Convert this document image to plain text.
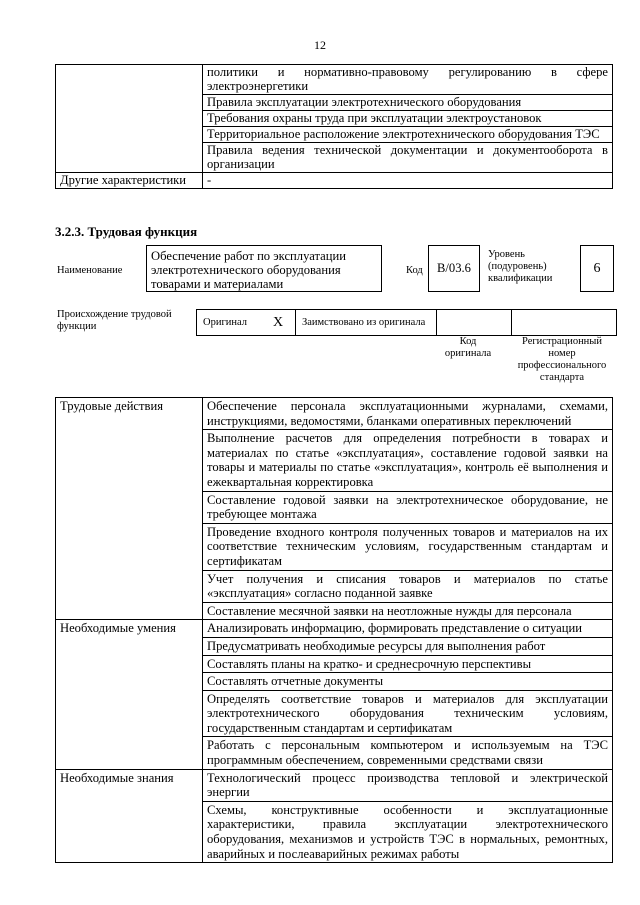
12
	политики и нормативно-правовому регулированию в сфере электроэнергетики
	Правила эксплуатации электротехнического оборудования
	Требования охраны труда при эксплуатации электроустановок
	Территориальное расположение электротехнического оборудования ТЭС
	Правила ведения технической документации и документооборота в организации
Другие характеристики	-
3.2.3. Трудовая функция
Наименование
Обеспечение работ по эксплуатации электротехнического оборудования товарами и материалами
Код B/03.6
Уровень (подуровень) квалификации
6
Происхождение трудовой функции	Оригинал	X	Заимствовано из оригинала		
Код оригинала
Регистрационный номер профессионального стандарта
Трудовые действия	Обеспечение персонала эксплуатационными журналами, схемами, инструкциями, ведомостями, бланками оперативных переключений
	Выполнение расчетов для определения потребности в товарах и материалах по статье «эксплуатация», составление годовой заявки на товары и материалы по статье «эксплуатация», контроль её выполнения и ежеквартальная корректировка
	Составление годовой заявки на электротехническое оборудование, не требующее монтажа
	Проведение входного контроля полученных товаров и материалов на их соответствие техническим условиям, государственным стандартам и сертификатам
	Учет получения и списания товаров и материалов по статье «эксплуатация» согласно поданной заявке
	Составление месячной заявки на неотложные нужды для персонала
Необходимые умения	Анализировать информацию, формировать представление о ситуации
	Предусматривать необходимые ресурсы для выполнения работ
	Составлять планы на кратко- и среднесрочную перспективы
	Составлять отчетные документы
	Определять соответствие товаров и материалов для эксплуатации электротехнического оборудования техническим условиям, государственным стандартам и сертификатам
	Работать с персональным компьютером и используемым на ТЭС программным обеспечением, современными средствами связи
Необходимые знания	Технологический процесс производства тепловой и электрической энергии
	Схемы, конструктивные особенности и эксплуатационные характеристики, правила эксплуатации электротехнического оборудования, механизмов и устройств ТЭС в нормальных, ремонтных, аварийных и послеаварийных режимах работы
